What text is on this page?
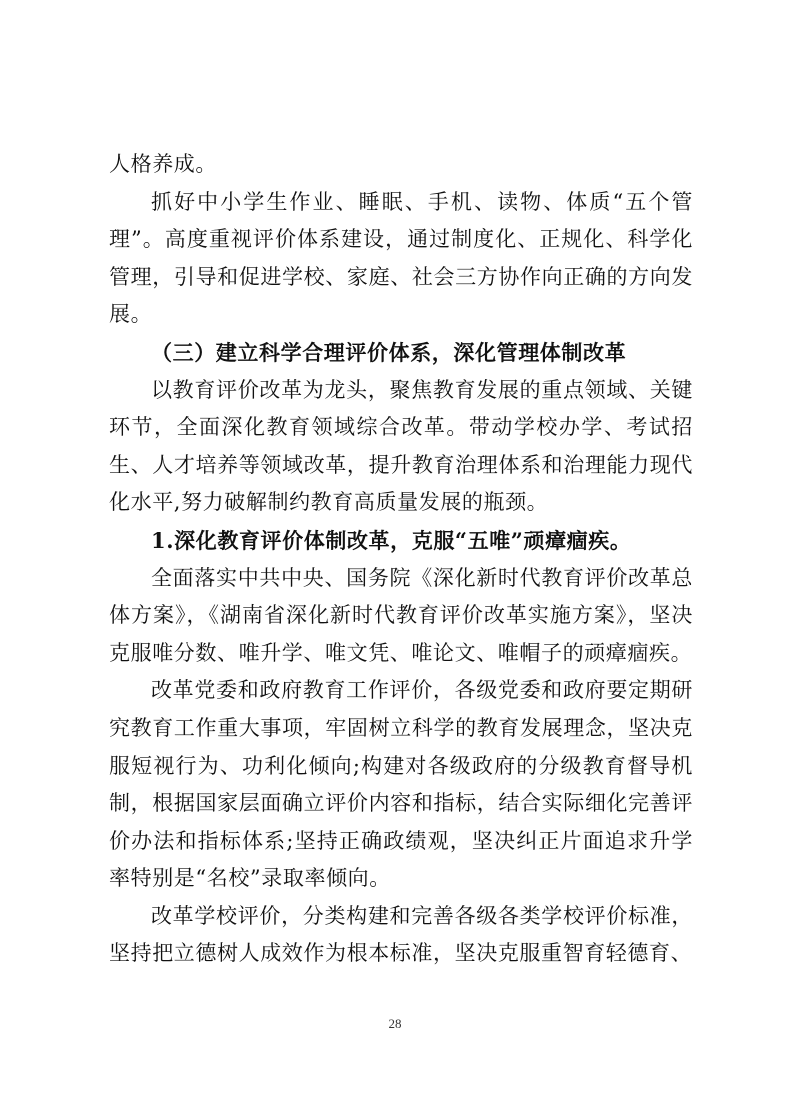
人格养成。

抓好中小学生作业、睡眠、手机、读物、体质“五个管理”。高度重视评价体系建设，通过制度化、正规化、科学化管理，引导和促进学校、家庭、社会三方协作向正确的方向发展。

（三）建立科学合理评价体系，深化管理体制改革

以教育评价改革为龙头，聚焦教育发展的重点领域、关键环节，全面深化教育领域综合改革。带动学校办学、考试招生、人才培养等领域改革，提升教育治理体系和治理能力现代化水平,努力破解制约教育高质量发展的瓶颈。

1.深化教育评价体制改革，克服“五唯”顽瘴痼疾。

全面落实中共中央、国务院《深化新时代教育评价改革总体方案》，《湖南省深化新时代教育评价改革实施方案》，坚决克服唯分数、唯升学、唯文凭、唯论文、唯帽子的顽瘴痼疾。

改革党委和政府教育工作评价，各级党委和政府要定期研究教育工作重大事项，牢固树立科学的教育发展理念，坚决克服短视行为、功利化倾向;构建对各级政府的分级教育督导机制，根据国家层面确立评价内容和指标，结合实际细化完善评价办法和指标体系;坚持正确政绩观，坚决纠正片面追求升学率特别是“名校”录取率倾向。

改革学校评价，分类构建和完善各级各类学校评价标准，坚持把立德树人成效作为根本标准，坚决克服重智育轻德育、

28
